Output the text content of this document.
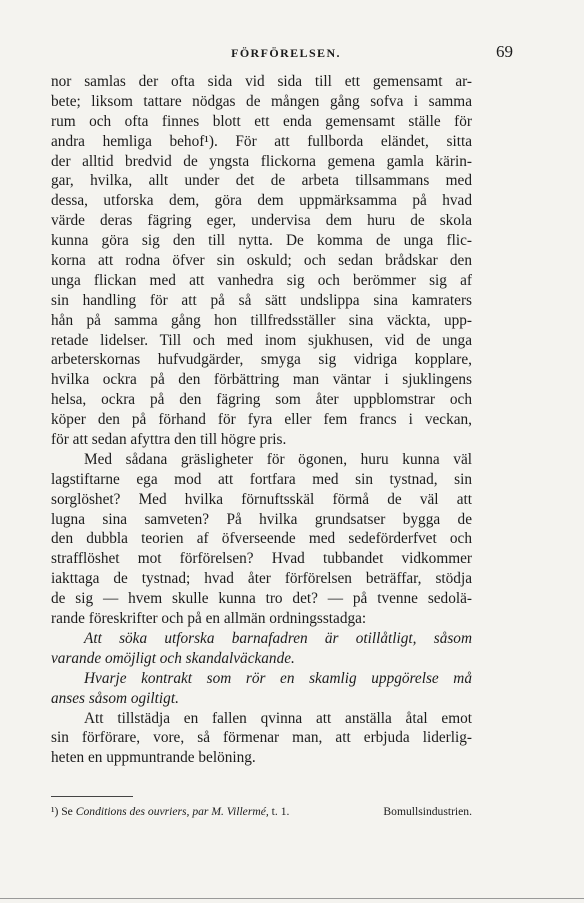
FÖRFÖRELSEN.	69
nor samlas der ofta sida vid sida till ett gemensamt ar-
bete; liksom tattare nödgas de mången gång sofva i samma
rum och ofta finnes blott ett enda gemensamt ställe för
andra hemliga behof¹). För att fullborda eländet, sitta
der alltid bredvid de yngsta flickorna gemena gamla kärin-
gar, hvilka, allt under det de arbeta tillsammans med
dessa, utforska dem, göra dem uppmärksamma på hvad
värde deras fägring eger, undervisa dem huru de skola
kunna göra sig den till nytta. De komma de unga flic-
korna att rodna öfver sin oskuld; och sedan brådskar den
unga flickan med att vanhedra sig och berömmer sig af
sin handling för att på så sätt undslippa sina kamraters
hån på samma gång hon tillfredsställer sina väckta, upp-
retade lidelser. Till och med inom sjukhusen, vid de unga
arbeterskornas hufvudgärder, smyga sig vidriga kopplare,
hvilka ockra på den förbättring man väntar i sjuklingens
helsa, ockra på den fägring som åter uppblomstrar och
köper den på förhand för fyra eller fem francs i veckan,
för att sedan afyttra den till högre pris.
Med sådana gräsligheter för ögonen, huru kunna väl
lagstiftarne ega mod att fortfara med sin tystnad, sin
sorglöshet? Med hvilka förnuftsskäl förmå de väl att
lugna sina samveten? På hvilka grundsatser bygga de
den dubbla teorien af öfverseende med sedeförderfvet och
strafflöshet mot förförelsen? Hvad tubbandet vidkommer
iakttaga de tystnad; hvad åter förförelsen beträffar, stödja
de sig — hvem skulle kunna tro det? — på tvenne sedolä-
rande föreskrifter och på en allmän ordningsstadga:
Att söka utforska barnafadren är otillåtligt, såsom
varande omöjligt och skandalväckande.
Hvarje kontrakt som rör en skamlig uppgörelse må
anses såsom ogiltigt.
Att tillstädja en fallen qvinna att anställa åtal emot
sin förförare, vore, så förmenar man, att erbjuda liderlig-
heten en uppmuntrande belöning.
¹) Se Conditions des ouvriers, par M. Villermé, t. 1.	Bomullsindustrien.
